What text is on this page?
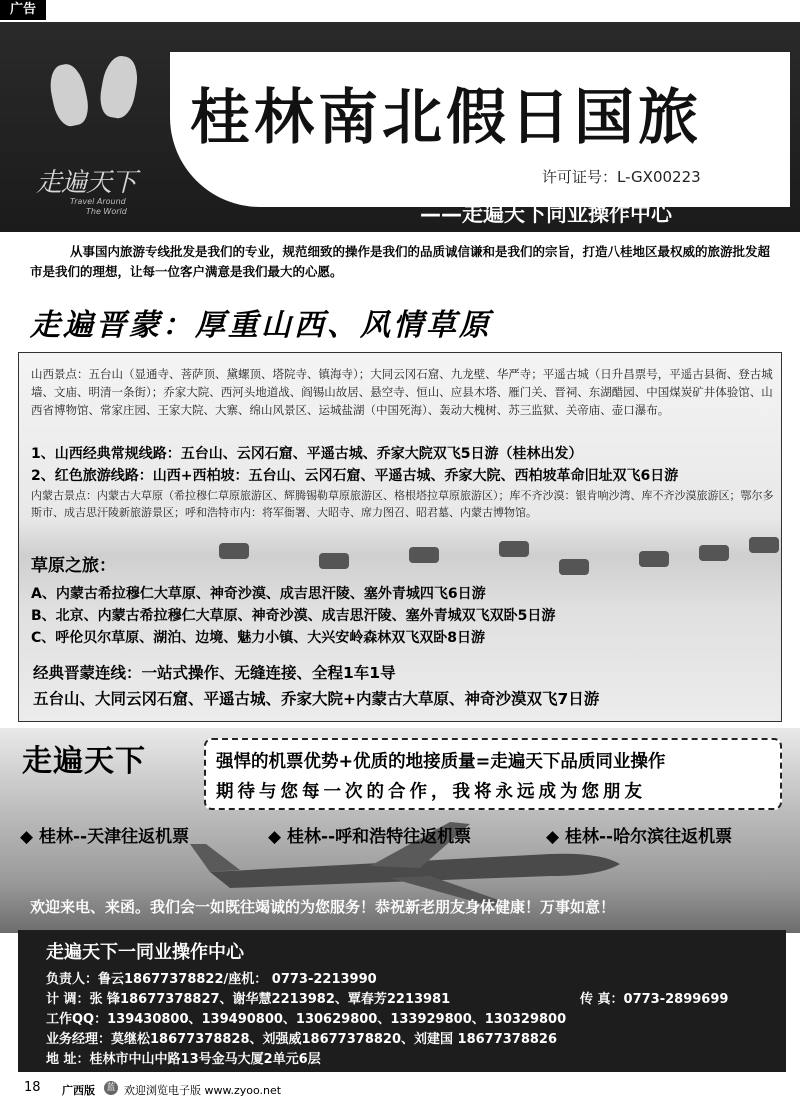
广告
走遍天下
Travel Around
The World
桂林南北假日国旅
许可证号：L-GX00223
——走遍天下同业操作中心
从事国内旅游专线批发是我们的专业，规范细致的操作是我们的品质诚信谦和是我们的宗旨，打造八桂地区最权威的旅游批发超市是我们的理想，让每一位客户满意是我们最大的心愿。
走遍晋蒙：厚重山西、风情草原
山西景点：五台山（显通寺、菩萨顶、黛螺顶、塔院寺、镇海寺）；大同云冈石窟、九龙壁、华严寺；平遥古城（日升昌票号，平遥古县衙、登古城墙、文庙、明清一条街）；乔家大院、西河头地道战、阎锡山故居、悬空寺、恒山、应县木塔、雁门关、晋祠、东湖醋园、中国煤炭矿井体验馆、山西省博物馆、常家庄园、王家大院、大寨、绵山风景区、运城盐湖（中国死海）、轰动大槐树、苏三监狱、关帝庙、壶口瀑布。
1、山西经典常规线路：五台山、云冈石窟、平遥古城、乔家大院双飞5日游（桂林出发）
2、红色旅游线路：山西+西柏坡：五台山、云冈石窟、平遥古城、乔家大院、西柏坡革命旧址双飞6日游
内蒙古景点：内蒙古大草原（希拉穆仁草原旅游区、辉腾锡勒草原旅游区、格根塔拉草原旅游区）；库不齐沙漠：银肯响沙湾、库不齐沙漠旅游区；鄂尔多斯市、成吉思汗陵新旅游景区；呼和浩特市内：将军衙署、大昭寺、席力图召、昭君墓、内蒙古博物馆。
草原之旅：
A、内蒙古希拉穆仁大草原、神奇沙漠、成吉思汗陵、塞外青城四飞6日游
B、北京、内蒙古希拉穆仁大草原、神奇沙漠、成吉思汗陵、塞外青城双飞双卧5日游
C、呼伦贝尔草原、湖泊、边境、魅力小镇、大兴安岭森林双飞双卧8日游
经典晋蒙连线：一站式操作、无缝连接、全程1车1导
五台山、大同云冈石窟、平遥古城、乔家大院+内蒙古大草原、神奇沙漠双飞7日游
走遍天下	强悍的机票优势+优质的地接质量=走遍天下品质同业操作
期待与您每一次的合作，我将永远成为您朋友
◆ 桂林--天津往返机票	◆ 桂林--呼和浩特往返机票	◆ 桂林--哈尔滨往返机票
欢迎来电、来函。我们会一如既往竭诚的为您服务！恭祝新老朋友身体健康！万事如意！
走遍天下一同业操作中心
负责人：鲁云18677378822/座机： 0773-2213990
计 调：张 锋18677378827、谢华慧2213982、覃春芳2213981	传 真：0773-2899699
工作QQ：139430800、139490800、130629800、133929800、130329800
业务经理：莫继松18677378828、刘强威18677378820、刘建国 18677378826
地 址：桂林市中山中路13号金马大厦2单元6层
18 广西版 蓝 欢迎浏览电子版 www.zyoo.net
